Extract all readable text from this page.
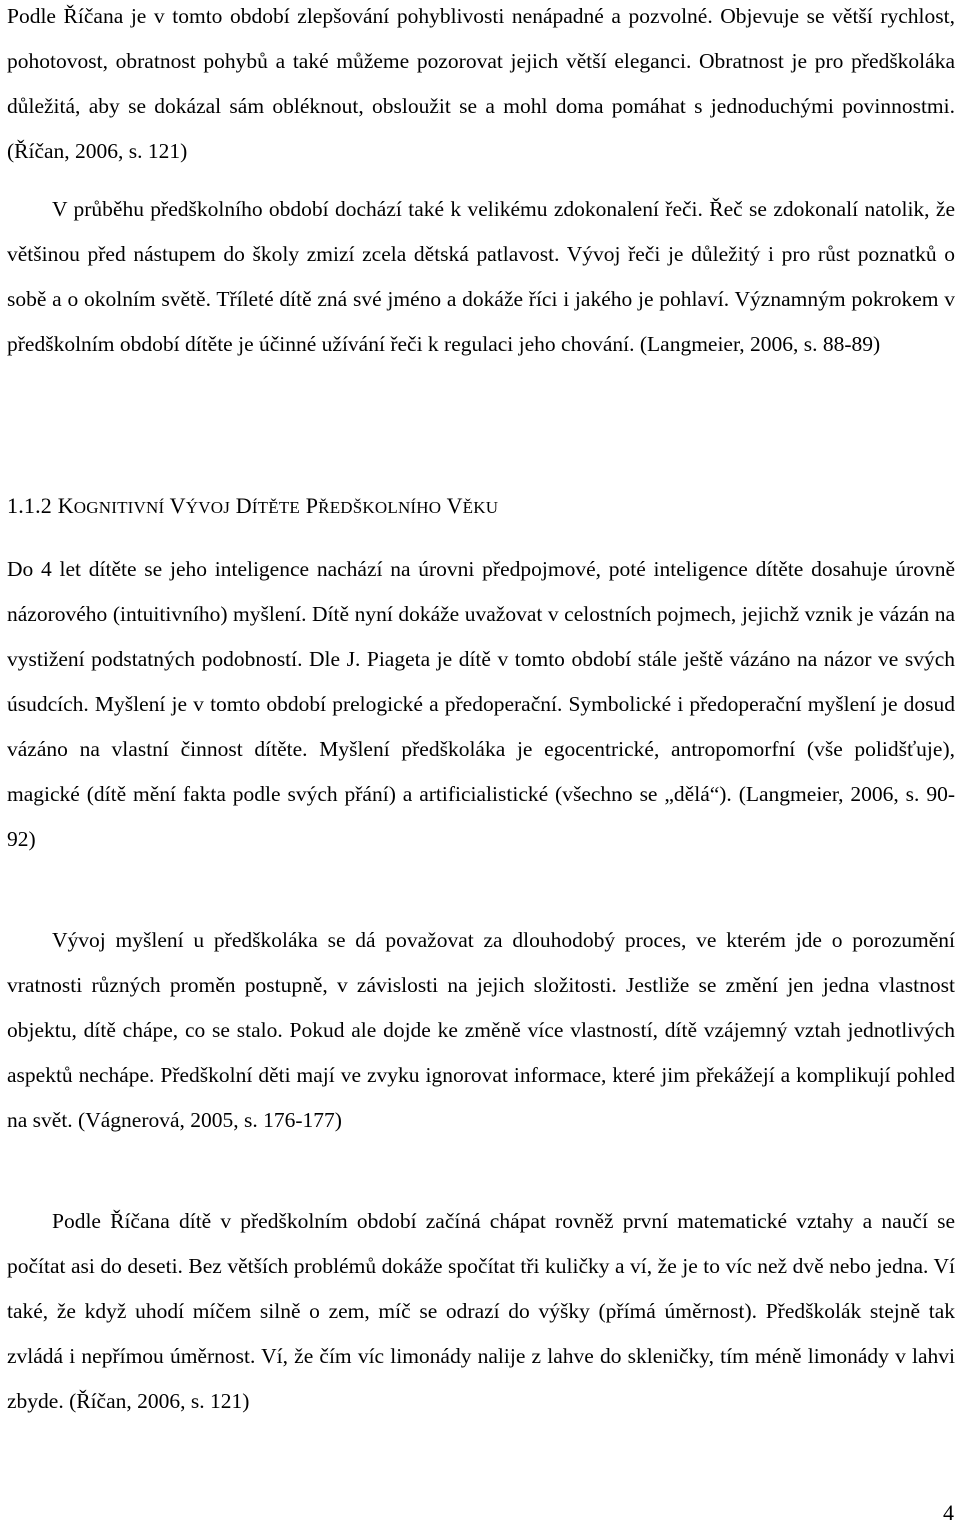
Podle Říčana je v tomto období zlepšování pohyblivosti nenápadné a pozvolné. Objevuje se větší rychlost, pohotovost, obratnost pohybů a také můžeme pozorovat jejich větší eleganci. Obratnost je pro předškoláka důležitá, aby se dokázal sám obléknout, obsloužit se a mohl doma pomáhat s jednoduchými povinnostmi. (Říčan, 2006, s. 121)

V průběhu předškolního období dochází také k velikému zdokonalení řeči. Řeč se zdokonalí natolik, že většinou před nástupem do školy zmizí zcela dětská patlavost. Vývoj řeči je důležitý i pro růst poznatků o sobě a o okolním světě. Tříleté dítě zná své jméno a dokáže říci i jakého je pohlaví. Významným pokrokem v předškolním období dítěte je účinné užívání řeči k regulaci jeho chování. (Langmeier, 2006, s. 88-89)

1.1.2 KOGNITIVNÍ VÝVOJ DÍTĚTE PŘEDŠKOLNÍHO VĚKU

Do 4 let dítěte se jeho inteligence nachází na úrovni předpojmové, poté inteligence dítěte dosahuje úrovně názorového (intuitivního) myšlení. Dítě nyní dokáže uvažovat v celostních pojmech, jejichž vznik je vázán na vystižení podstatných podobností. Dle J. Piageta je dítě v tomto období stále ještě vázáno na názor ve svých úsudcích. Myšlení je v tomto období prelogické a předoperační. Symbolické i předoperační myšlení je dosud vázáno na vlastní činnost dítěte. Myšlení předškoláka je egocentrické, antropomorfní (vše polidšťuje), magické (dítě mění fakta podle svých přání) a artificialistické (všechno se „dělá“). (Langmeier, 2006, s. 90-92)

Vývoj myšlení u předškoláka se dá považovat za dlouhodobý proces, ve kterém jde o porozumění vratnosti různých proměn postupně, v závislosti na jejich složitosti. Jestliže se změní jen jedna vlastnost objektu, dítě chápe, co se stalo. Pokud ale dojde ke změně více vlastností, dítě vzájemný vztah jednotlivých aspektů nechápe. Předškolní děti mají ve zvyku ignorovat informace, které jim překážejí a komplikují pohled na svět. (Vágnerová, 2005, s. 176-177)

Podle Říčana dítě v předškolním období začíná chápat rovněž první matematické vztahy a naučí se počítat asi do deseti. Bez větších problémů dokáže spočítat tři kuličky a ví, že je to víc než dvě nebo jedna. Ví také, že když uhodí míčem silně o zem, míč se odrazí do výšky (přímá úměrnost). Předškolák stejně tak zvládá i nepřímou úměrnost. Ví, že čím víc limonády nalije z lahve do skleničky, tím méně limonády v lahvi zbyde. (Říčan, 2006, s. 121)

4
